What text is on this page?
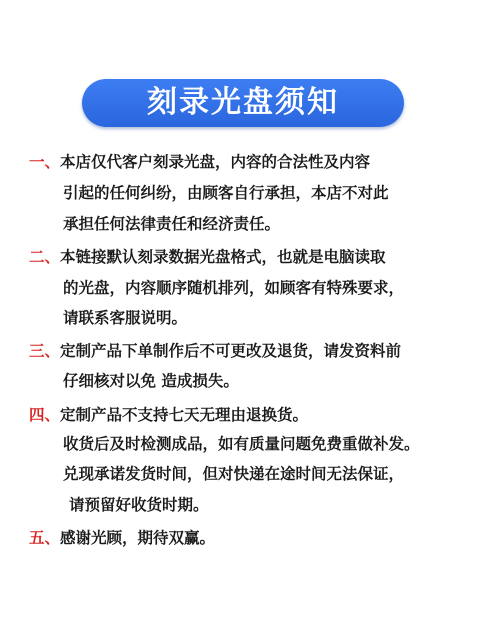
刻录光盘须知
一、本店仅代客户刻录光盘，内容的合法性及内容
引起的任何纠纷，由顾客自行承担，本店不对此
承担任何法律责任和经济责任。
二、本链接默认刻录数据光盘格式，也就是电脑读取
的光盘，内容顺序随机排列，如顾客有特殊要求，
请联系客服说明。
三、定制产品下单制作后不可更改及退货，请发资料前
仔细核对以免 造成损失。
四、定制产品不支持七天无理由退换货。
收货后及时检测成品，如有质量问题免费重做补发。
兑现承诺发货时间，但对快递在途时间无法保证，
请预留好收货时期。
五、感谢光顾，期待双赢。
